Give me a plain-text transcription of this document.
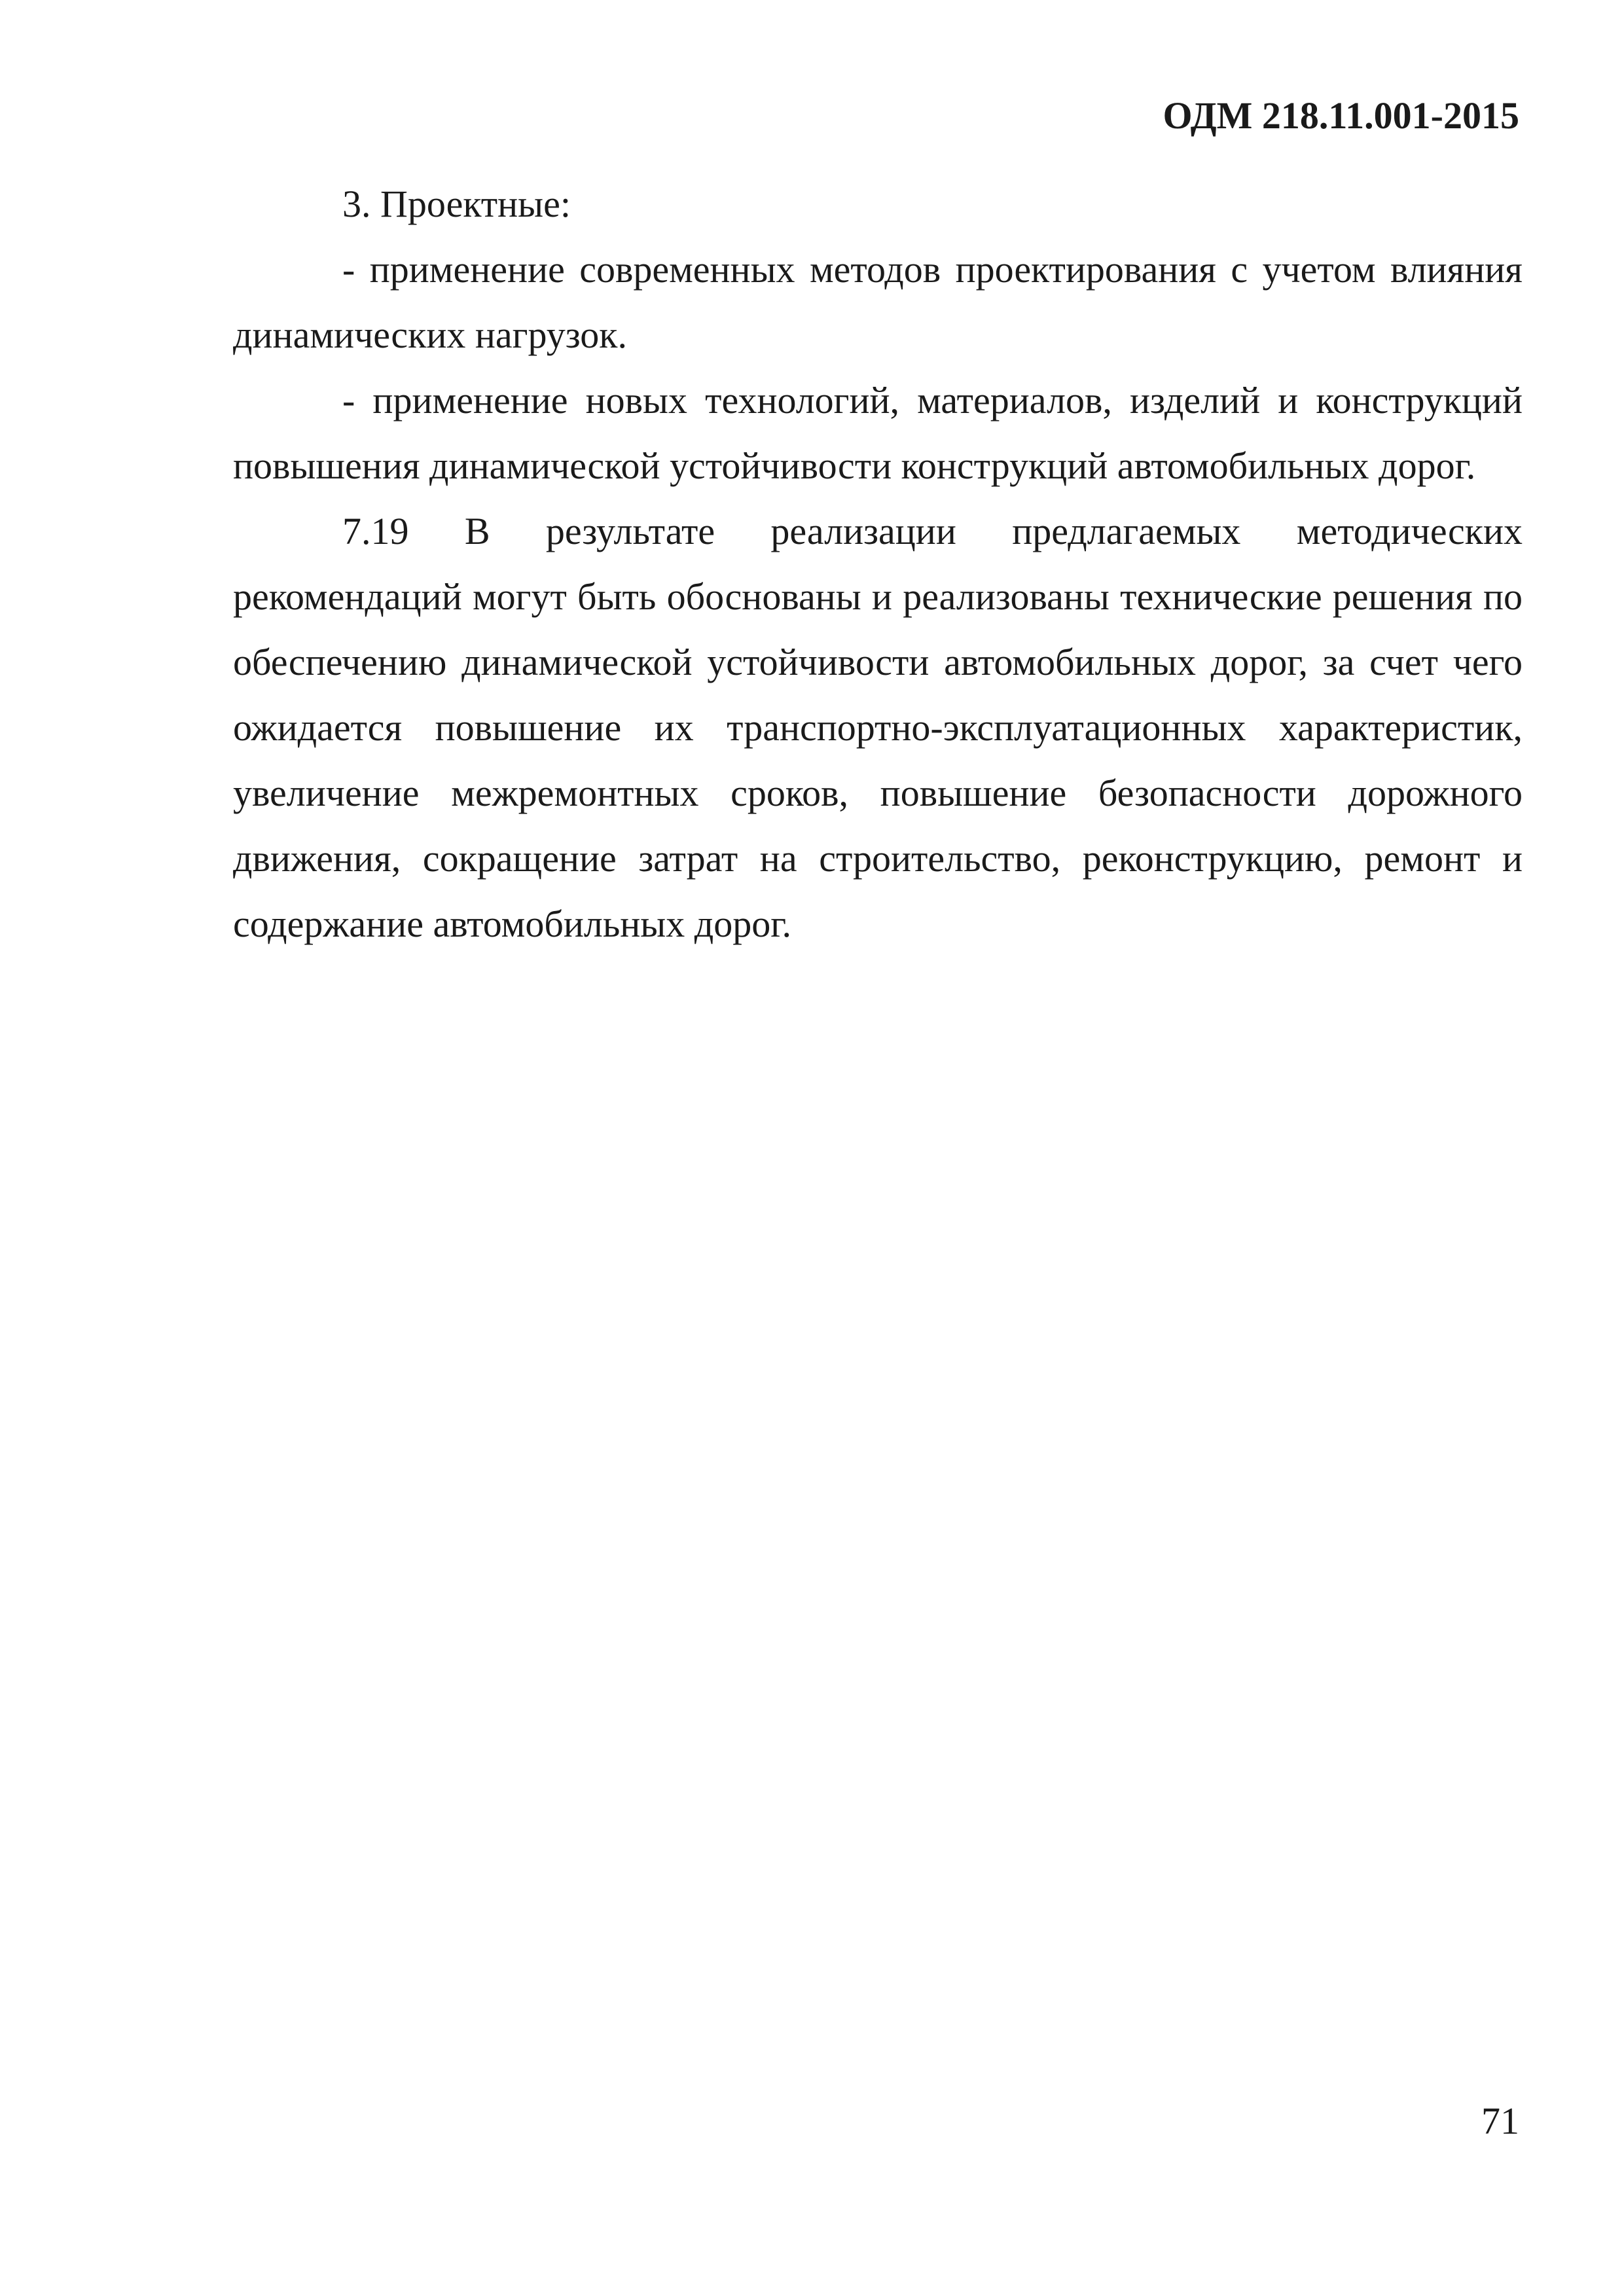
ОДМ 218.11.001-2015

3. Проектные:

- применение современных методов проектирования с учетом влияния динамических нагрузок.

- применение новых технологий, материалов, изделий и конструкций повышения динамической устойчивости конструкций автомобильных дорог.

7.19 В результате реализации предлагаемых методических рекомендаций могут быть обоснованы и реализованы технические решения по обеспечению динамической устойчивости автомобильных дорог, за счет чего ожидается повышение их транспортно-эксплуатационных характеристик, увеличение межремонтных сроков, повышение безопасности дорожного движения, сокращение затрат на строительство, реконструкцию, ремонт и содержание автомобильных дорог.

71
